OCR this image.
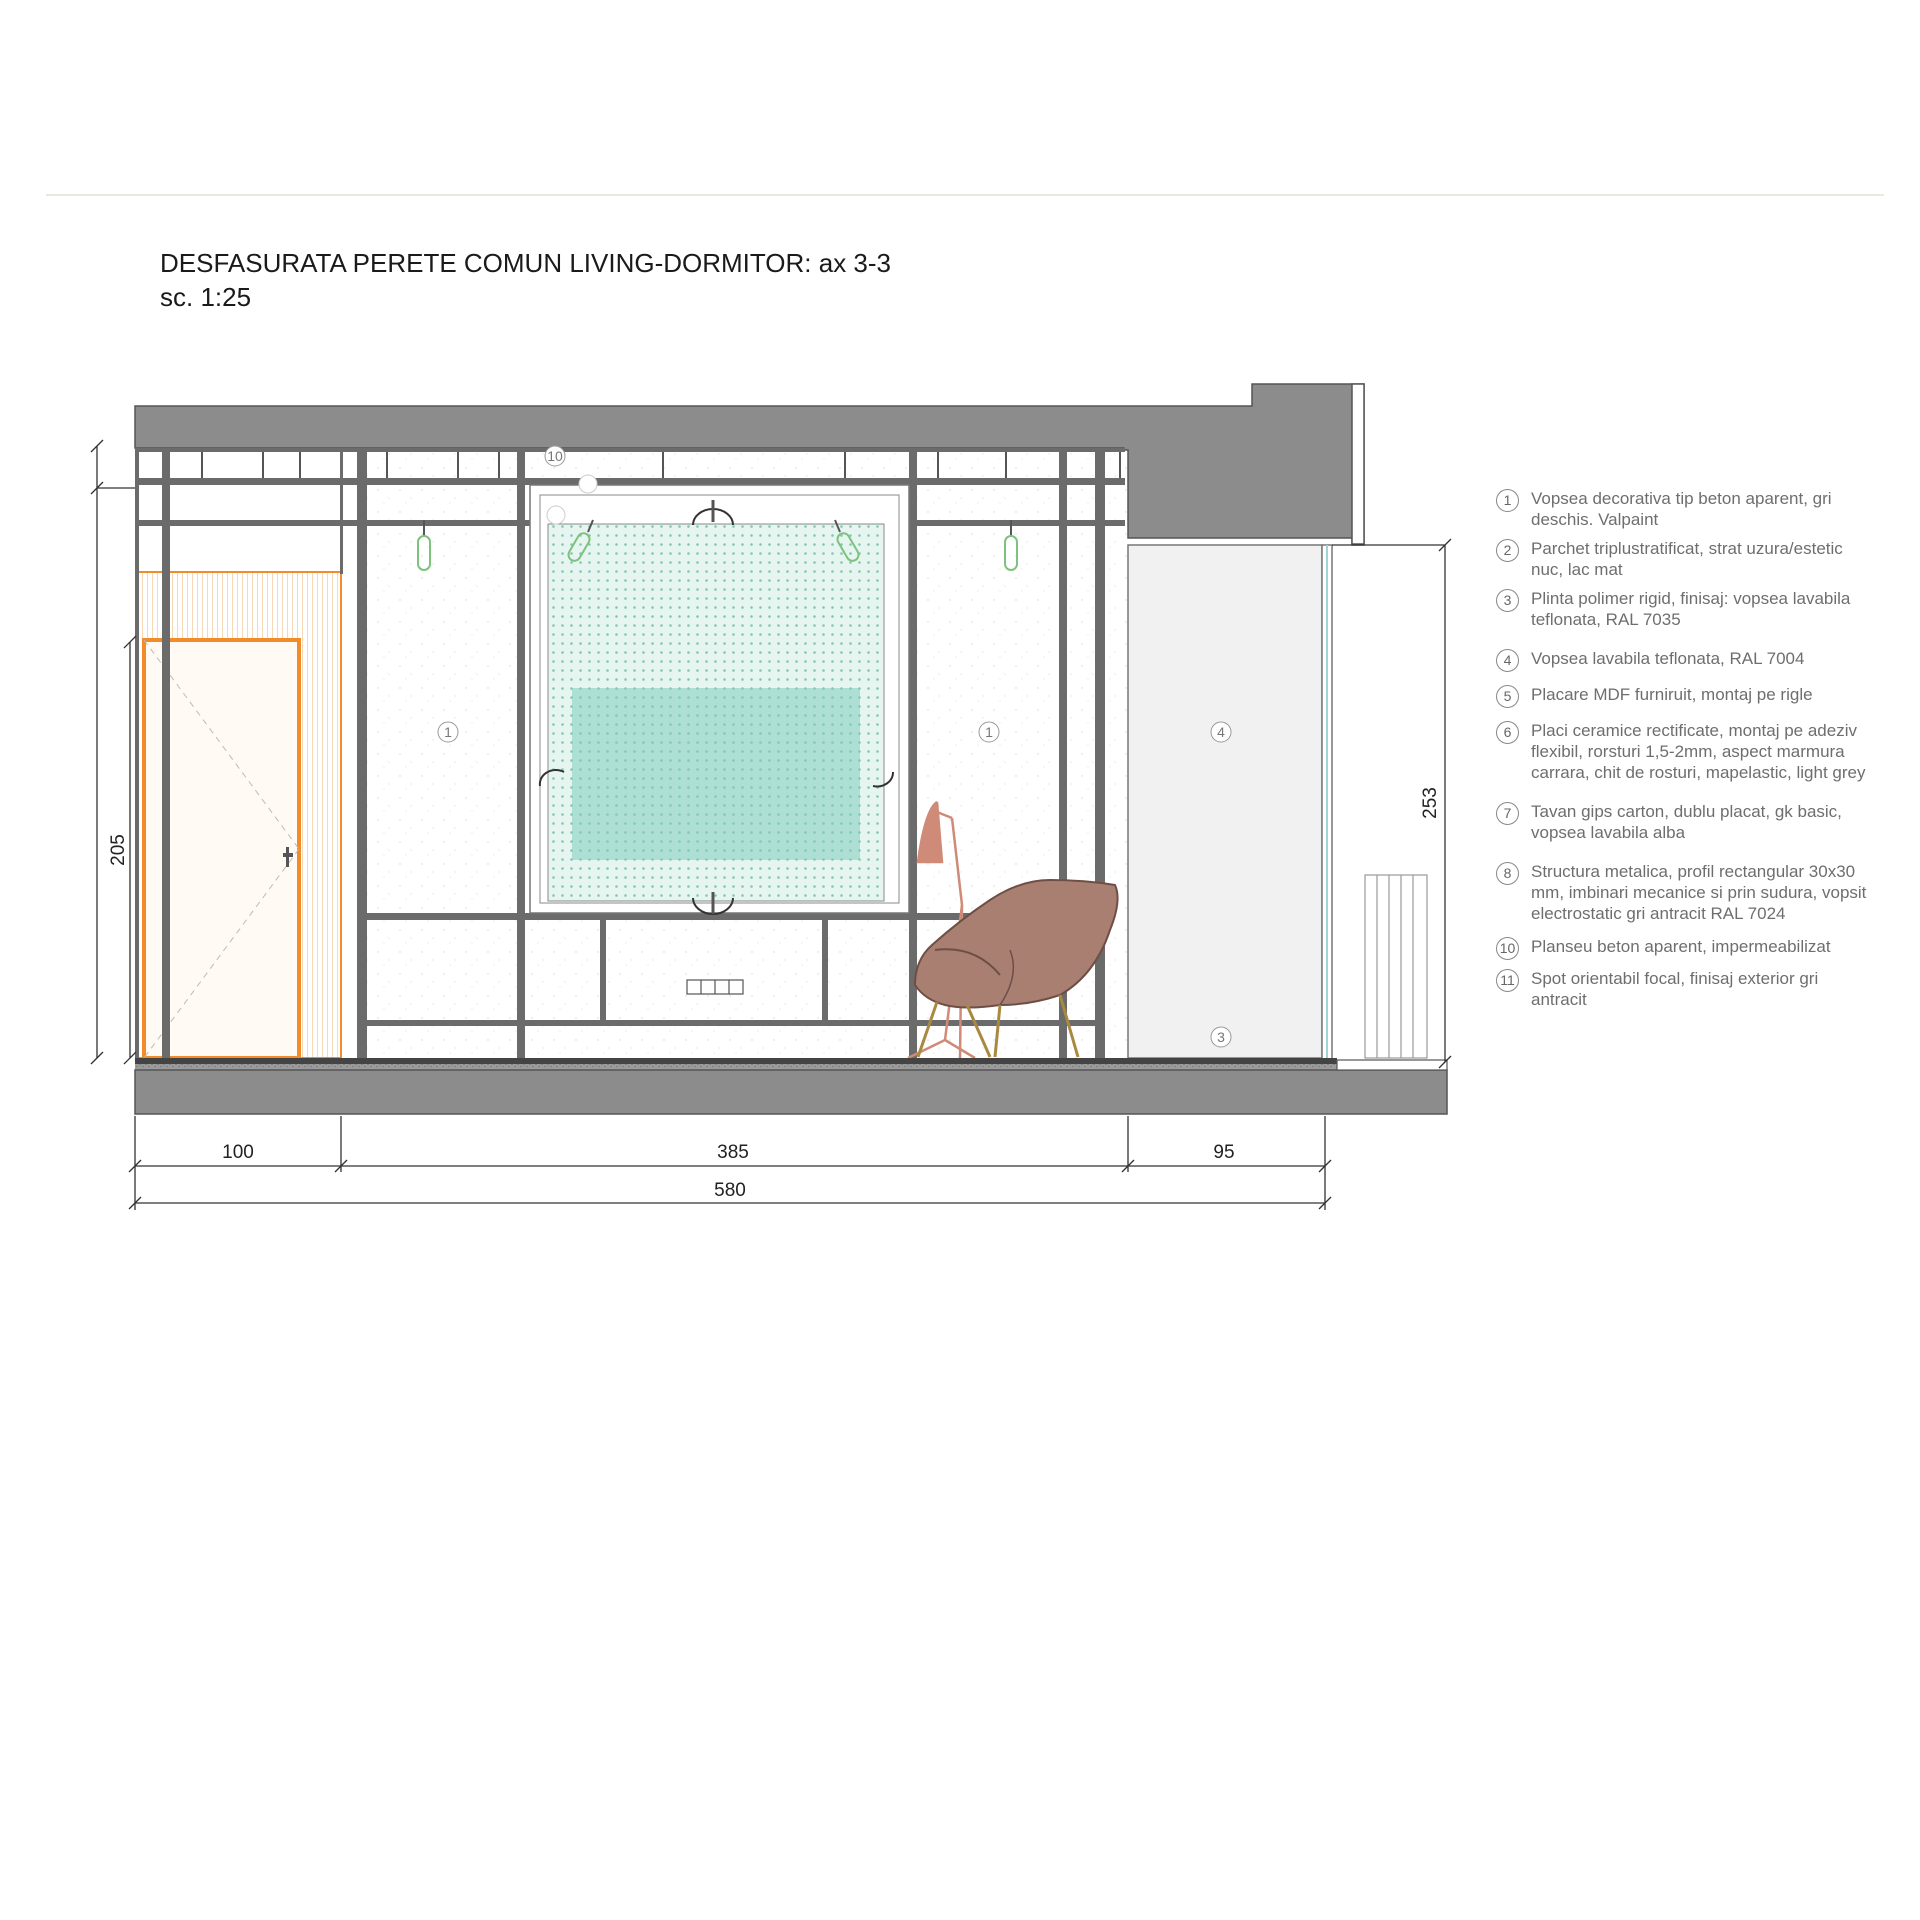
DESFASURATA PERETE COMUN LIVING-DORMITOR: ax 3-3
sc. 1:25
205
253
100	385	95
580
1	1	4
3
10
1	Vopsea decorativa tip beton aparent, gri deschis. Valpaint
2	Parchet triplustratificat, strat uzura/estetic nuc, lac mat
3	Plinta polimer rigid, finisaj: vopsea lavabila teflonata, RAL 7035
4	Vopsea lavabila teflonata, RAL 7004
5	Placare MDF furniruit, montaj pe rigle
6	Placi ceramice rectificate, montaj pe adeziv flexibil, rorsturi 1,5-2mm, aspect marmura carrara, chit de rosturi, mapelastic, light grey
7	Tavan gips carton, dublu placat, gk basic, vopsea lavabila alba
8	Structura metalica, profil rectangular 30x30 mm, imbinari mecanice si prin sudura, vopsit electrostatic gri antracit RAL 7024
10 Planseu beton aparent, impermeabilizat
11 Spot orientabil focal, finisaj exterior gri antracit
